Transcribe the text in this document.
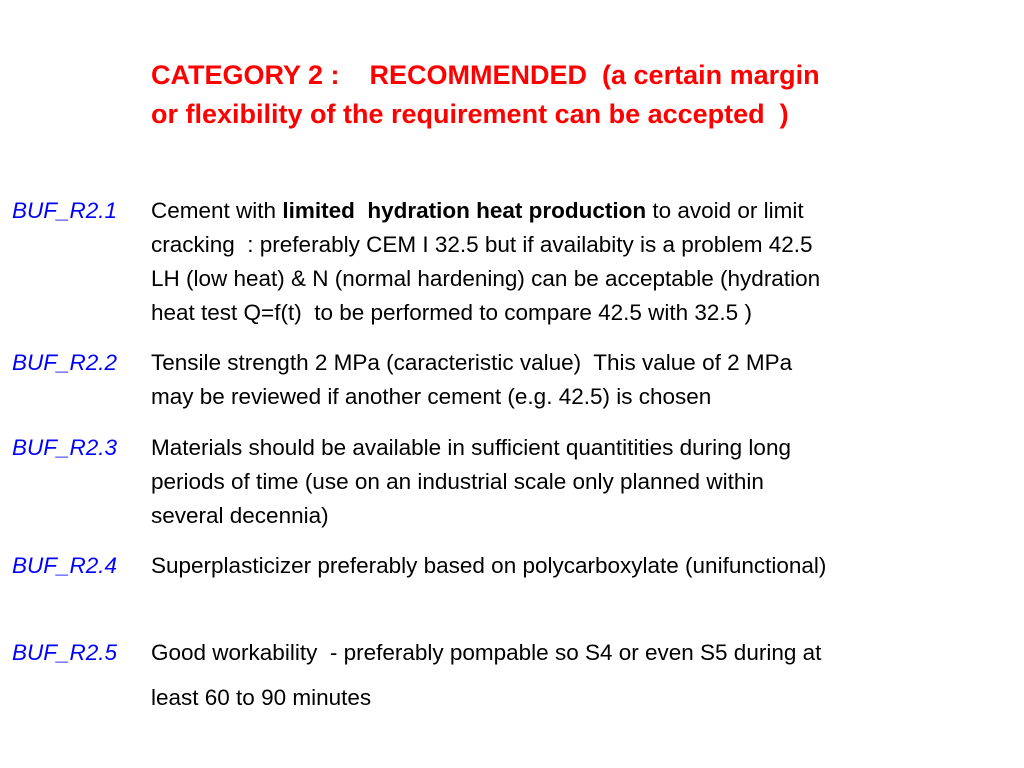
CATEGORY 2 :    RECOMMENDED  (a certain margin
or flexibility of the requirement can be accepted  )
BUF_R2.1 Cement with limited  hydration heat production to avoid or limit
cracking  : preferably CEM I 32.5 but if availabity is a problem 42.5
LH (low heat) & N (normal hardening) can be acceptable (hydration
heat test Q=f(t)  to be performed to compare 42.5 with 32.5 )
BUF_R2.2 Tensile strength 2 MPa (caracteristic value)  This value of 2 MPa
may be reviewed if another cement (e.g. 42.5) is chosen
BUF_R2.3 Materials should be available in sufficient quantitities during long
periods of time (use on an industrial scale only planned within
several decennia)
BUF_R2.4 Superplasticizer preferably based on polycarboxylate (unifunctional)
BUF_R2.5 Good workability  - preferably pompable so S4 or even S5 during at
least 60 to 90 minutes
